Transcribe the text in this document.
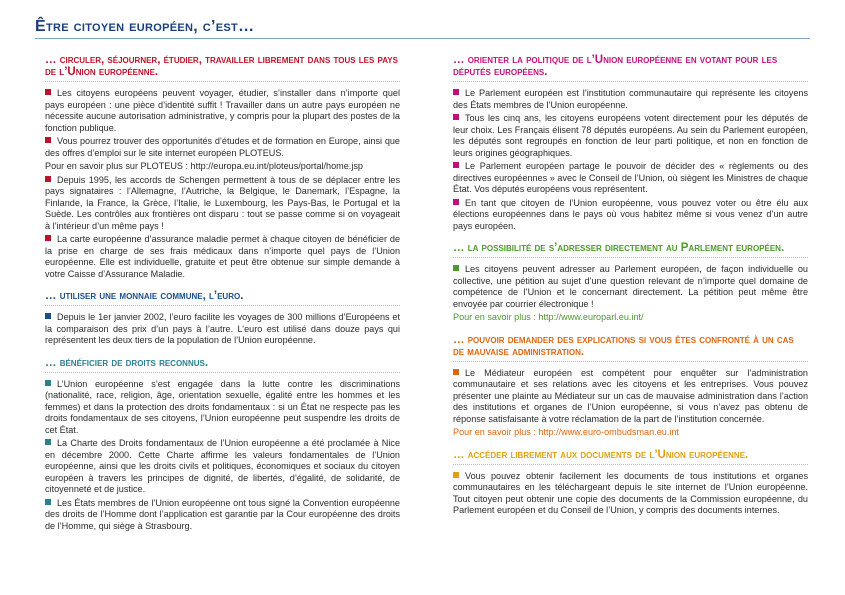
Être citoyen européen, c’est…
… circuler, séjourner, étudier, travailler librement dans tous les pays de l’Union européenne.
Les citoyens européens peuvent voyager, étudier, s’installer dans n’importe quel pays européen : une pièce d’identité suffit ! Travailler dans un autre pays européen ne nécessite aucune autorisation administrative, y compris pour la plupart des postes de la fonction publique.
Vous pourrez trouver des opportunités d’études et de formation en Europe, ainsi que des offres d’emploi sur le site internet européen PLOTEUS.
Pour en savoir plus sur PLOTEUS : http://europa.eu.int/ploteus/portal/home.jsp
Depuis 1995, les accords de Schengen permettent à tous de se déplacer entre les pays signataires : l’Allemagne, l’Autriche, la Belgique, le Danemark, l’Espagne, la Finlande, la France, la Grèce, l’Italie, le Luxembourg, les Pays-Bas, le Portugal et la Suède. Les contrôles aux frontières ont disparu : tout se passe comme si on voyageait à l’intérieur d’un même pays !
La carte européenne d’assurance maladie permet à chaque citoyen de bénéficier de la prise en charge de ses frais médicaux dans n’importe quel pays de l’Union européenne. Elle est individuelle, gratuite et peut être obtenue sur simple demande à votre Caisse d’Assurance Maladie.
… utiliser une monnaie commune, l’euro.
Depuis le 1er janvier 2002, l’euro facilite les voyages de 300 millions d’Européens et la comparaison des prix d’un pays à l’autre. L’euro est utilisé dans douze pays qui représentent les deux tiers de la population de l’Union européenne.
… bénéficier de droits reconnus.
L’Union européenne s’est engagée dans la lutte contre les discriminations (nationalité, race, religion, âge, orientation sexuelle, égalité entre les hommes et les femmes) et dans la protection des droits fondamentaux : si un État ne respecte pas les droits fondamentaux de ses citoyens, l’Union européenne peut suspendre les droits de cet État.
La Charte des Droits fondamentaux de l’Union européenne a été proclamée à Nice en décembre 2000. Cette Charte affirme les valeurs fondamentales de l’Union européenne, ainsi que les droits civils et politiques, économiques et sociaux du citoyen européen à travers les principes de dignité, de libertés, d’égalité, de solidarité, de citoyenneté et de justice.
Les États membres de l’Union européenne ont tous signé la Convention européenne des droits de l’Homme dont l’application est garantie par la Cour européenne des droits de l’Homme, qui siège à Strasbourg.
… orienter la politique de l’Union européenne en votant pour les députés européens.
Le Parlement européen est l’institution communautaire qui représente les citoyens des États membres de l’Union européenne.
Tous les cinq ans, les citoyens européens votent directement pour les députés de leur choix. Les Français élisent 78 députés européens. Au sein du Parlement européen, les députés sont regroupés en fonction de leur parti politique, et non en fonction de leurs origines géographiques.
Le Parlement européen partage le pouvoir de décider des « règlements ou des directives européennes » avec le Conseil de l’Union, où siègent les Ministres de chaque État. Vos députés européens vous représentent.
En tant que citoyen de l’Union européenne, vous pouvez voter ou être élu aux élections européennes dans le pays où vous habitez même si vous venez d’un autre pays européen.
… la possibilité de s’adresser directement au Parlement européen.
Les citoyens peuvent adresser au Parlement européen, de façon individuelle ou collective, une pétition au sujet d’une question relevant de n’importe quel domaine de compétence de l’Union et le concernant directement. La pétition peut même être envoyée par courrier électronique !
Pour en savoir plus : http://www.europarl.eu.int/
… pouvoir demander des explications si vous êtes confronté à un cas de mauvaise administration.
Le Médiateur européen est compétent pour enquêter sur l’administration communautaire et ses relations avec les citoyens et les entreprises. Vous pouvez présenter une plainte au Médiateur sur un cas de mauvaise administration dans l’action des institutions et organes de l’Union européenne, si vous n’avez pas obtenu de réponse satisfaisante à votre réclamation de la part de l’institution concernée.
Pour en savoir plus : http://www.euro-ombudsman.eu.int
… accéder librement aux documents de l’Union européenne.
Vous pouvez obtenir facilement les documents de tous institutions et organes communautaires en les téléchargeant depuis le site internet de l’Union européenne. Tout citoyen peut obtenir une copie des documents de la Commission européenne, du Parlement européen et du Conseil de l’Union, y compris des documents internes.
